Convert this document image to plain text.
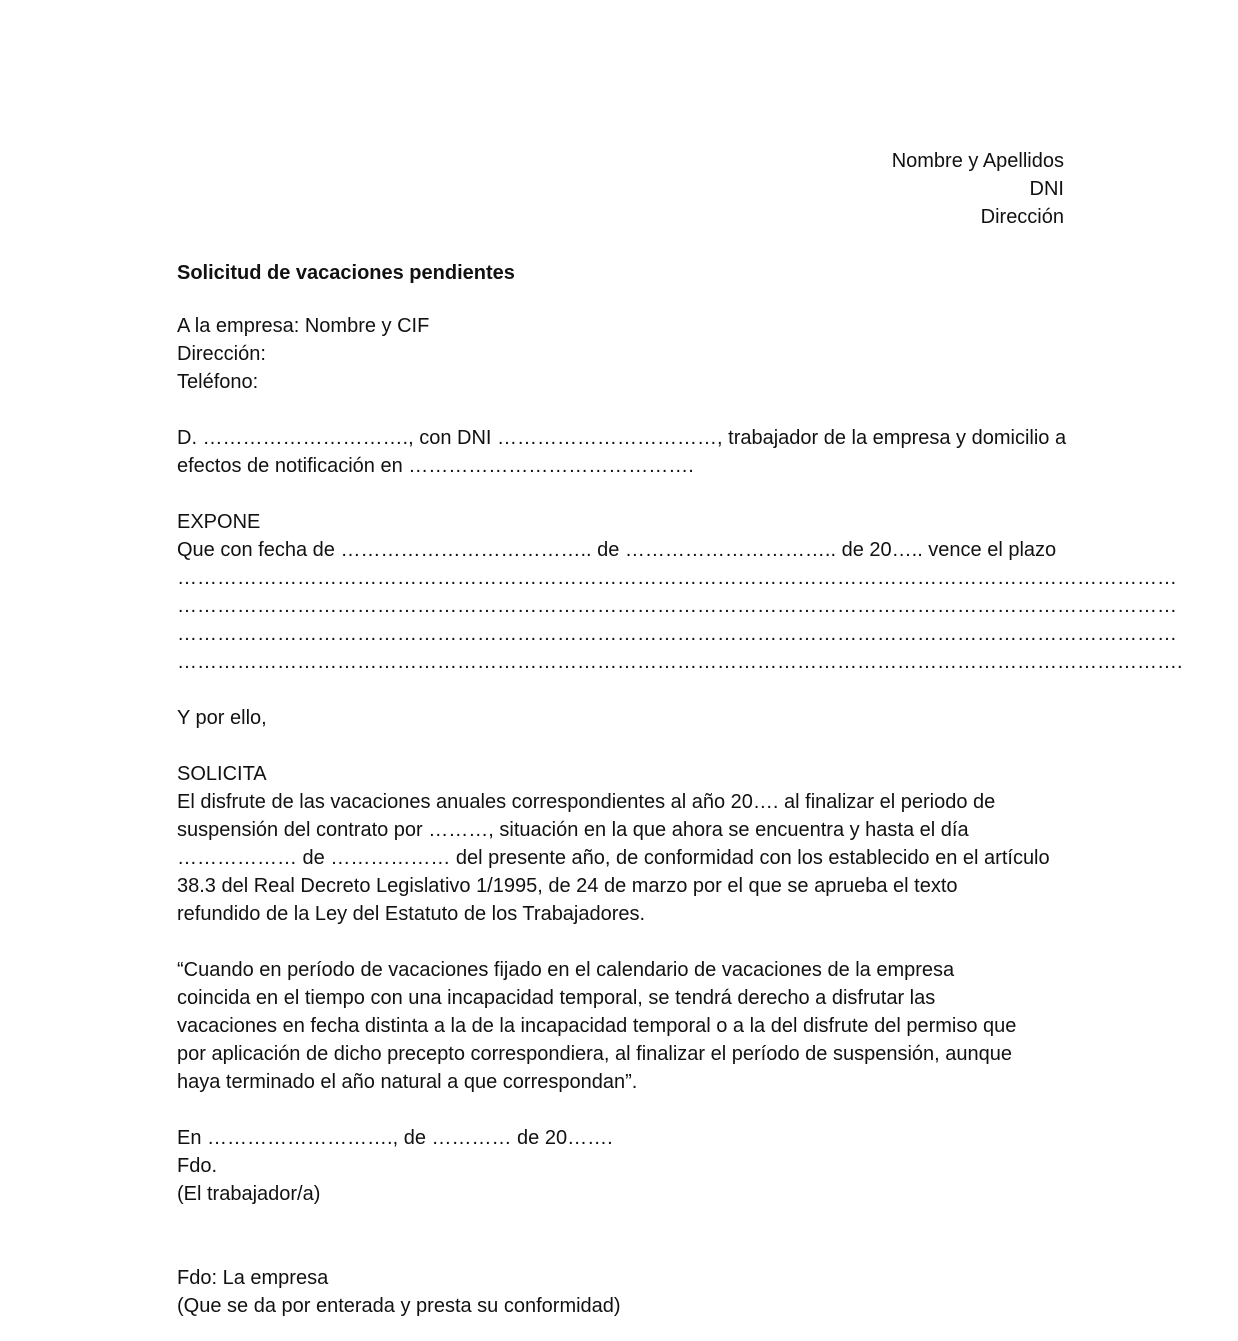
Nombre y Apellidos
DNI
Dirección
Solicitud de vacaciones pendientes
A la empresa: Nombre y CIF
Dirección:
Teléfono:
D. …………………………., con DNI ……………………………, trabajador de la empresa y domicilio a
efectos de notificación en …………………………………….
EXPONE
Que con fecha de ……………………………….. de ………………………….. de 20….. vence el plazo
……………………………………………………………………………………………………………………………………
……………………………………………………………………………………………………………………………………
……………………………………………………………………………………………………………………………………
…………………………………………………………………………………………………………………………………….
Y por ello,
SOLICITA
El disfrute de las vacaciones anuales correspondientes al año 20…. al finalizar el periodo de
suspensión del contrato por ………, situación en la que ahora se encuentra y hasta el día
……………… de ……………… del presente año, de conformidad con los establecido en el artículo
38.3 del Real Decreto Legislativo 1/1995, de 24 de marzo por el que se aprueba el texto
refundido de la Ley del Estatuto de los Trabajadores.
“Cuando en período de vacaciones fijado en el calendario de vacaciones de la empresa
coincida en el tiempo con una incapacidad temporal, se tendrá derecho a disfrutar las
vacaciones en fecha distinta a la de la incapacidad temporal o a la del disfrute del permiso que
por aplicación de dicho precepto correspondiera, al finalizar el período de suspensión, aunque
haya terminado el año natural a que correspondan”.
En ………………………., de ………… de 20…….
Fdo.
(El trabajador/a)
Fdo: La empresa
(Que se da por enterada y presta su conformidad)
